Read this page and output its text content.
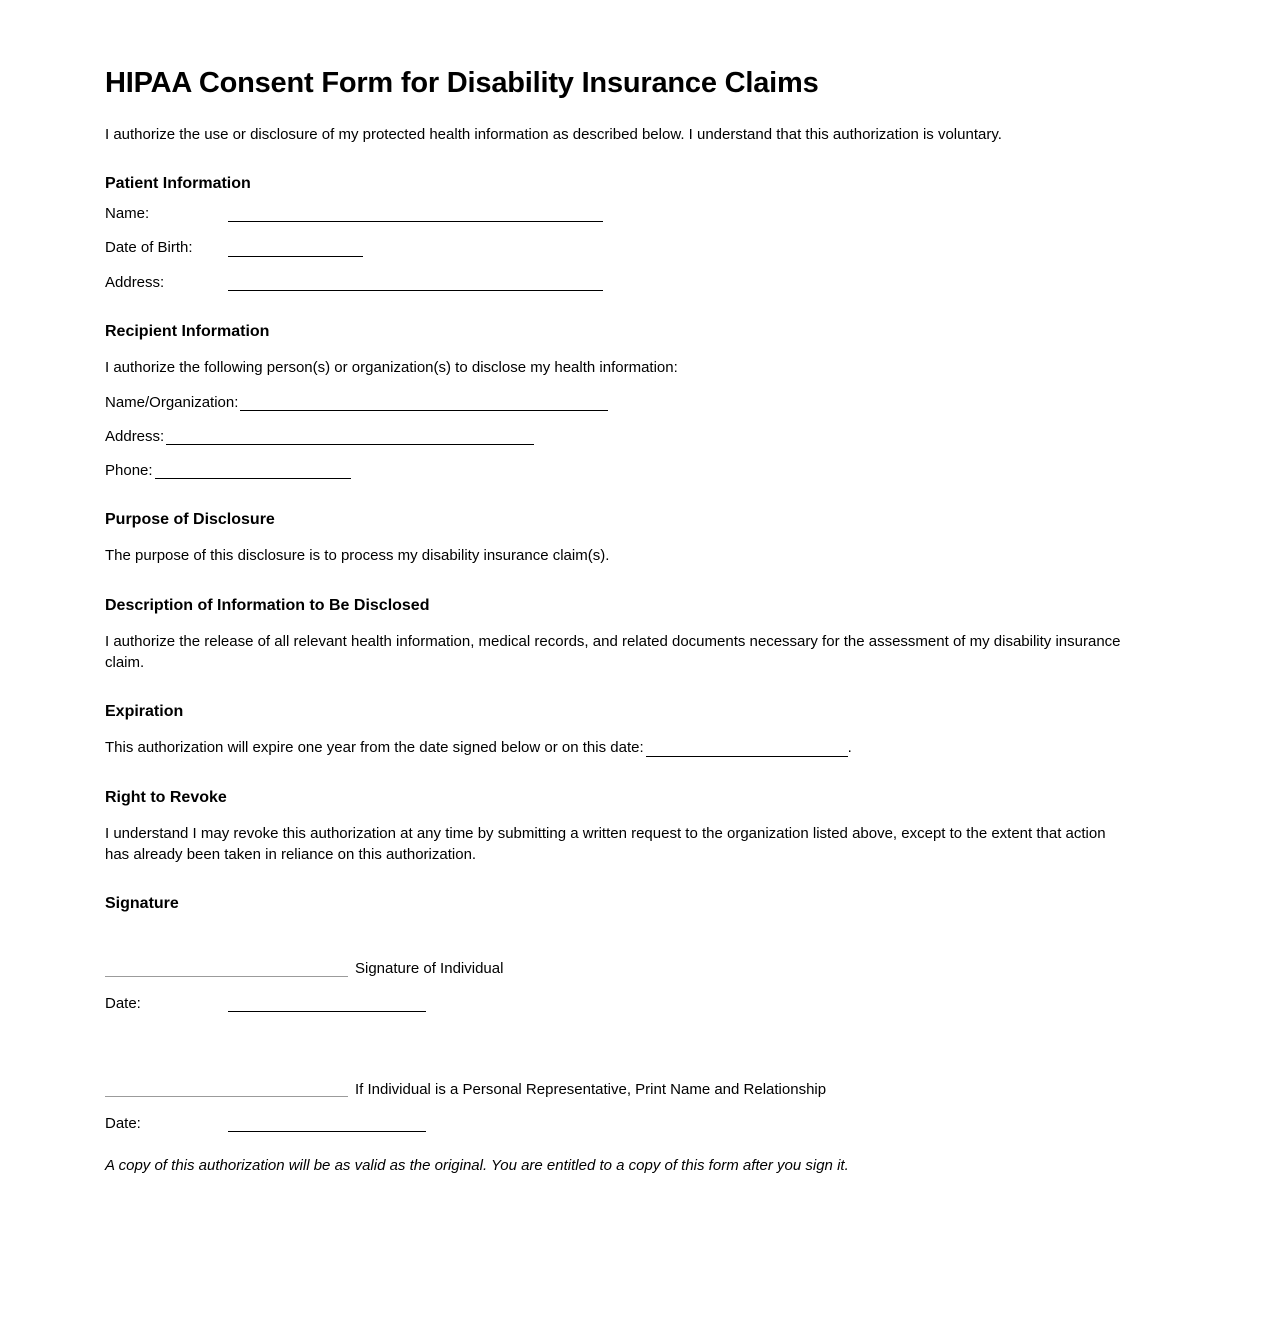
HIPAA Consent Form for Disability Insurance Claims
I authorize the use or disclosure of my protected health information as described below. I understand that this authorization is voluntary.
Patient Information
Name:
Date of Birth:
Address:
Recipient Information
I authorize the following person(s) or organization(s) to disclose my health information:
Name/Organization:
Address:
Phone:
Purpose of Disclosure
The purpose of this disclosure is to process my disability insurance claim(s).
Description of Information to Be Disclosed
I authorize the release of all relevant health information, medical records, and related documents necessary for the assessment of my disability insurance claim.
Expiration
This authorization will expire one year from the date signed below or on this date:	.
Right to Revoke
I understand I may revoke this authorization at any time by submitting a written request to the organization listed above, except to the extent that action has already been taken in reliance on this authorization.
Signature
Signature of Individual
Date:
If Individual is a Personal Representative, Print Name and Relationship
Date:
A copy of this authorization will be as valid as the original. You are entitled to a copy of this form after you sign it.
